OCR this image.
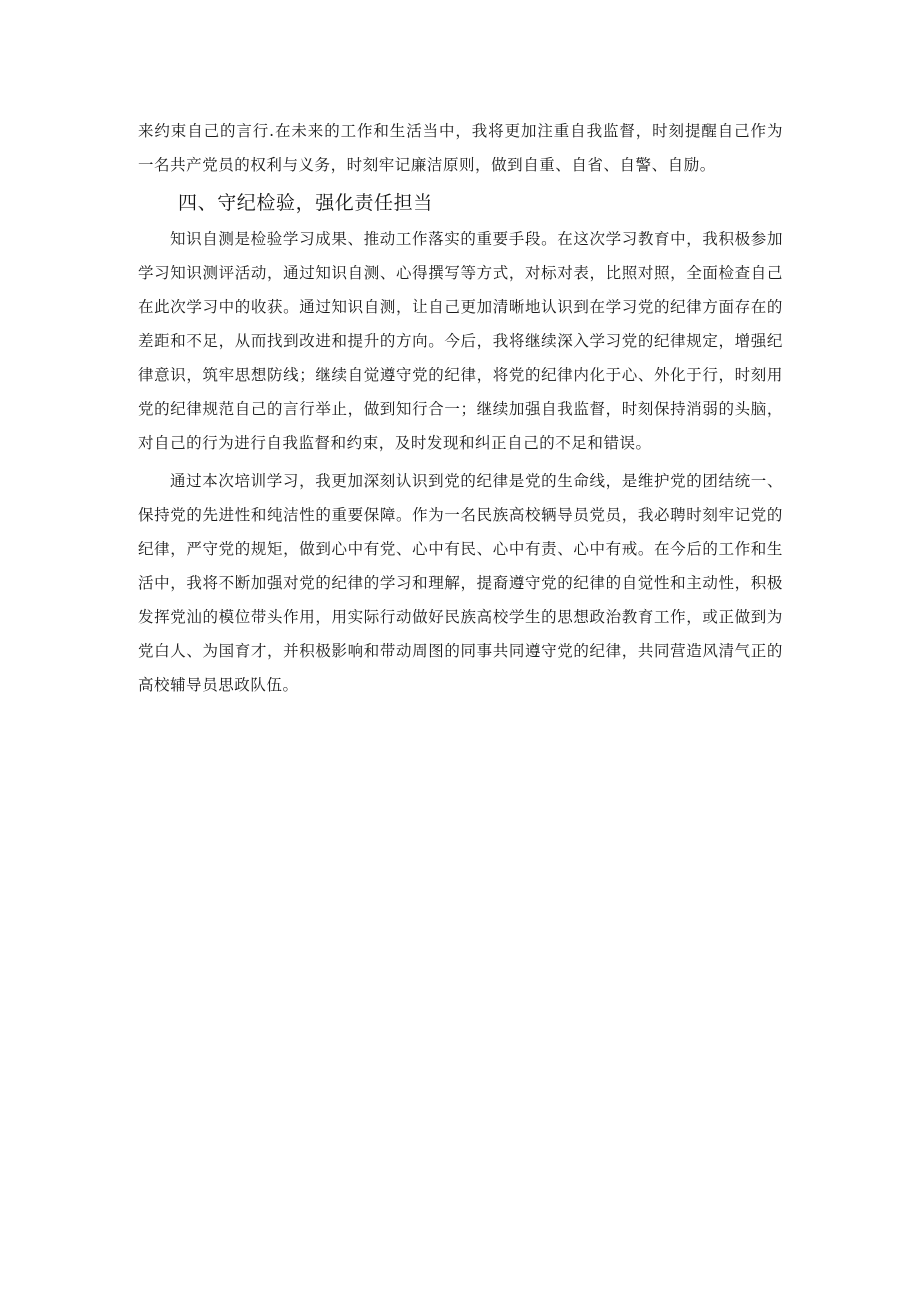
来约束自己的言行.在未来的工作和生活当中，我将更加注重自我监督，时刻提醒自己作为一名共产党员的权利与义务，时刻牢记廉洁原则，做到自重、自省、自警、自励。

四、守纪检验，强化责任担当

知识自测是检验学习成果、推动工作落实的重要手段。在这次学习教育中，我积极参加学习知识测评活动，通过知识自测、心得撰写等方式，对标对表，比照对照，全面检查自己在此次学习中的收获。通过知识自测，让自己更加清晰地认识到在学习党的纪律方面存在的差距和不足，从而找到改进和提升的方向。今后，我将继续深入学习党的纪律规定，增强纪律意识，筑牢思想防线；继续自觉遵守党的纪律，将党的纪律内化于心、外化于行，时刻用党的纪律规范自己的言行举止，做到知行合一；继续加强自我监督，时刻保持消弱的头脑，对自己的行为进行自我监督和约束，及时发现和纠正自己的不足和错误。

通过本次培训学习，我更加深刻认识到党的纪律是党的生命线，是维护党的团结统一、保持党的先进性和纯洁性的重要保障。作为一名民族高校辆导员党员，我必聘时刻牢记党的纪律，严守党的规矩，做到心中有党、心中有民、心中有责、心中有戒。在今后的工作和生活中，我将不断加强对党的纪律的学习和理解，提裔遵守党的纪律的自觉性和主动性，积极发挥党汕的模位带头作用，用实际行动做好民族高校学生的思想政治教育工作，或正做到为党白人、为国育才，并积极影响和带动周图的同事共同遵守党的纪律，共同营造风清气正的高校辅导员思政队伍。
